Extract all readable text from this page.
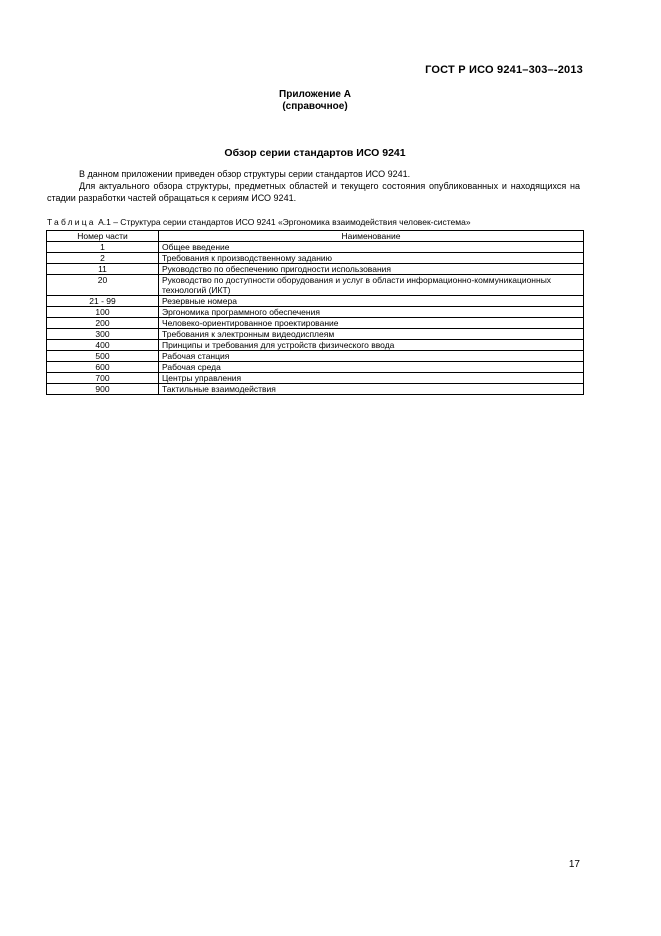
ГОСТ Р ИСО 9241–303–-2013
Приложение А
(справочное)
Обзор серии стандартов ИСО 9241

В данном приложении приведен обзор структуры серии стандартов ИСО 9241.

Для актуального обзора структуры, предметных областей и текущего состояния опубликованных и находящихся на стадии разработки частей обращаться к сериям ИСО 9241.

Таблица А.1 – Структура серии стандартов ИСО 9241 «Эргономика взаимодействия человек-система»
Номер части	Наименование
1	Общее введение
2	Требования к производственному заданию
11	Руководство по обеспечению пригодности использования
20	Руководство по доступности оборудования и услуг в области информационно-коммуникационных технологий (ИКТ)
21 - 99	Резервные номера
100	Эргономика программного обеспечения
200	Человеко-ориентированное проектирование
300	Требования к электронным видеодисплеям
400	Принципы и требования для устройств физического ввода
500	Рабочая станция
600	Рабочая среда
700	Центры управления
900	Тактильные взаимодействия
17
